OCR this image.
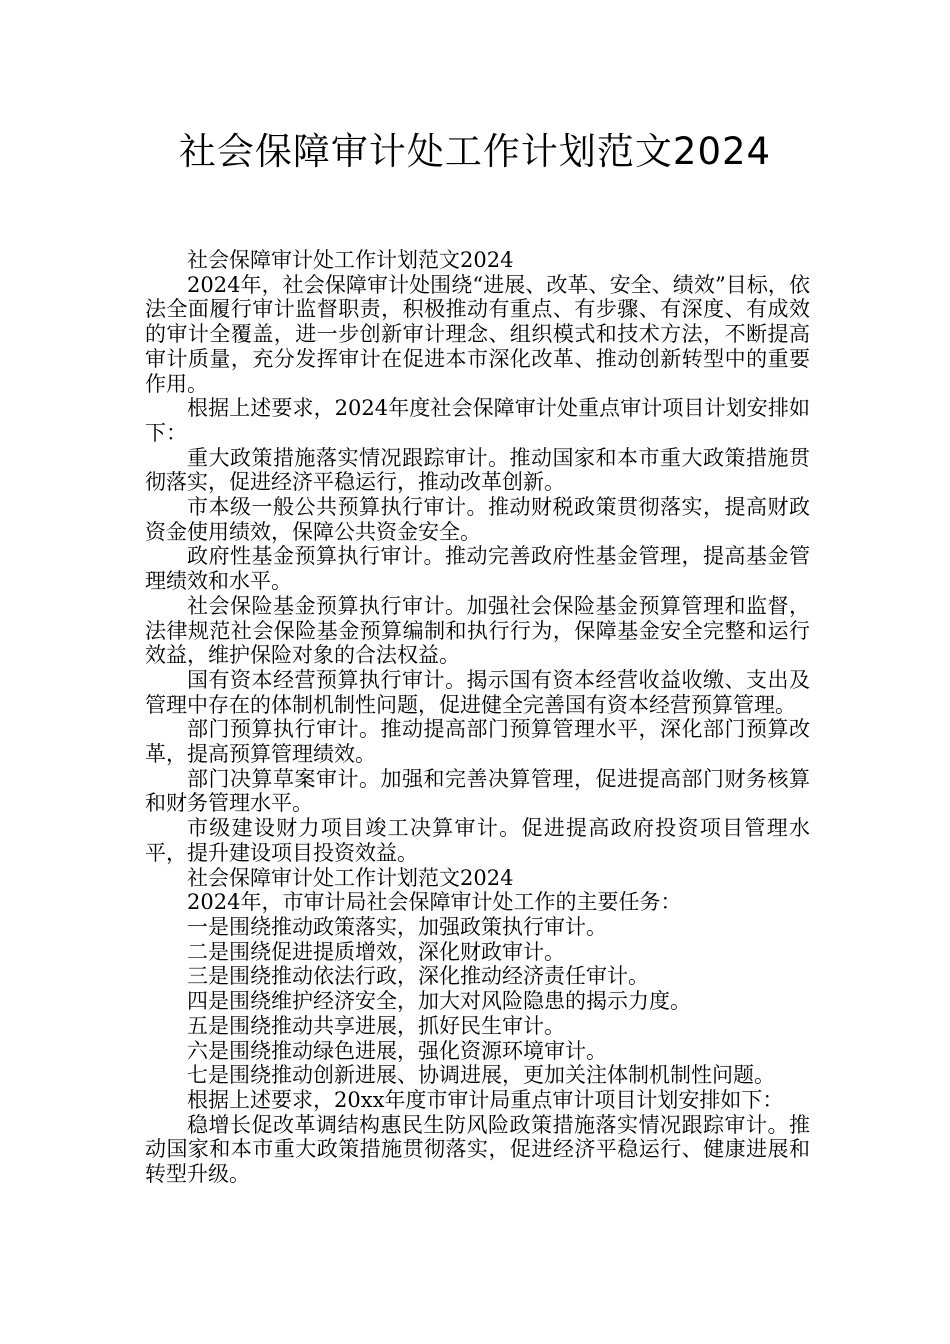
社会保障审计处工作计划范文2024

社会保障审计处工作计划范文2024

2024年，社会保障审计处围绕“进展、改革、安全、绩效”目标，依法全面履行审计监督职责，积极推动有重点、有步骤、有深度、有成效的审计全覆盖，进一步创新审计理念、组织模式和技术方法，不断提高审计质量，充分发挥审计在促进本市深化改革、推动创新转型中的重要作用。

根据上述要求，2024年度社会保障审计处重点审计项目计划安排如下：

重大政策措施落实情况跟踪审计。推动国家和本市重大政策措施贯彻落实，促进经济平稳运行，推动改革创新。

市本级一般公共预算执行审计。推动财税政策贯彻落实，提高财政资金使用绩效，保障公共资金安全。

政府性基金预算执行审计。推动完善政府性基金管理，提高基金管理绩效和水平。

社会保险基金预算执行审计。加强社会保险基金预算管理和监督，法律规范社会保险基金预算编制和执行行为，保障基金安全完整和运行效益，维护保险对象的合法权益。

国有资本经营预算执行审计。揭示国有资本经营收益收缴、支出及管理中存在的体制机制性问题，促进健全完善国有资本经营预算管理。

部门预算执行审计。推动提高部门预算管理水平，深化部门预算改革，提高预算管理绩效。

部门决算草案审计。加强和完善决算管理，促进提高部门财务核算和财务管理水平。

市级建设财力项目竣工决算审计。促进提高政府投资项目管理水平，提升建设项目投资效益。

社会保障审计处工作计划范文2024

2024年，市审计局社会保障审计处工作的主要任务：

一是围绕推动政策落实，加强政策执行审计。

二是围绕促进提质增效，深化财政审计。

三是围绕推动依法行政，深化推动经济责任审计。

四是围绕维护经济安全，加大对风险隐患的揭示力度。

五是围绕推动共享进展，抓好民生审计。

六是围绕推动绿色进展，强化资源环境审计。

七是围绕推动创新进展、协调进展，更加关注体制机制性问题。

根据上述要求，20xx年度市审计局重点审计项目计划安排如下：

稳增长促改革调结构惠民生防风险政策措施落实情况跟踪审计。推动国家和本市重大政策措施贯彻落实，促进经济平稳运行、健康进展和转型升级。
